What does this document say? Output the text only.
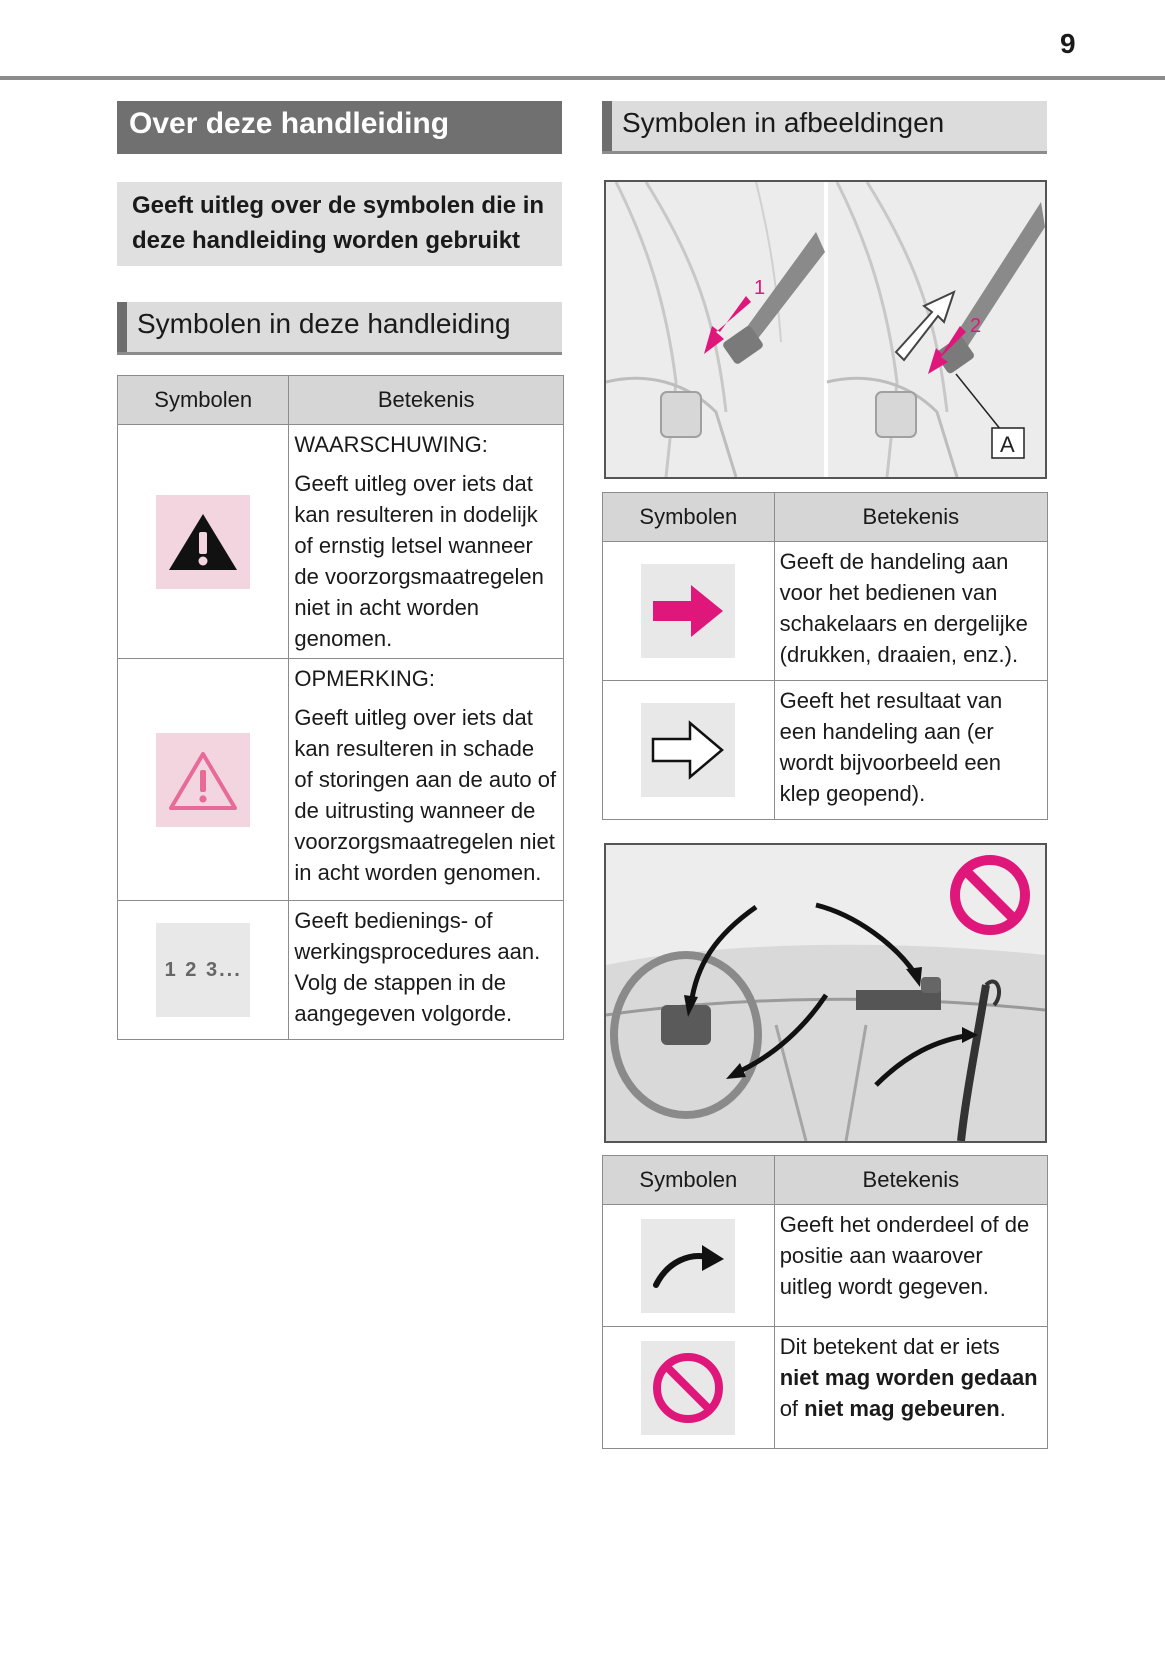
9
Over deze handleiding
Geeft uitleg over de symbolen die in deze handleiding worden gebruikt
Symbolen in deze handleiding
Symbolen	Betekenis

WAARSCHUWING:
Geeft uitleg over iets dat kan resulteren in dodelijk of ernstig letsel wanneer de voorzorgsmaatregelen niet in acht worden genomen.

OPMERKING:
Geeft uitleg over iets dat kan resulteren in schade of storingen aan de auto of de uitrusting wanneer de voorzorgsmaatregelen niet in acht worden genomen.

1 2 3...	Geeft bedienings- of werkingsprocedures aan. Volg de stappen in de aangegeven volgorde.
Symbolen in afbeeldingen
1
2
A
Symbolen	Betekenis

	Geeft de handeling aan voor het bedienen van schakelaars en dergelijke (drukken, draaien, enz.).

	Geeft het resultaat van een handeling aan (er wordt bijvoorbeeld een klep geopend).
Symbolen	Betekenis

	Geeft het onderdeel of de positie aan waarover uitleg wordt gegeven.

	Dit betekent dat er iets niet mag worden gedaan of niet mag gebeuren.
